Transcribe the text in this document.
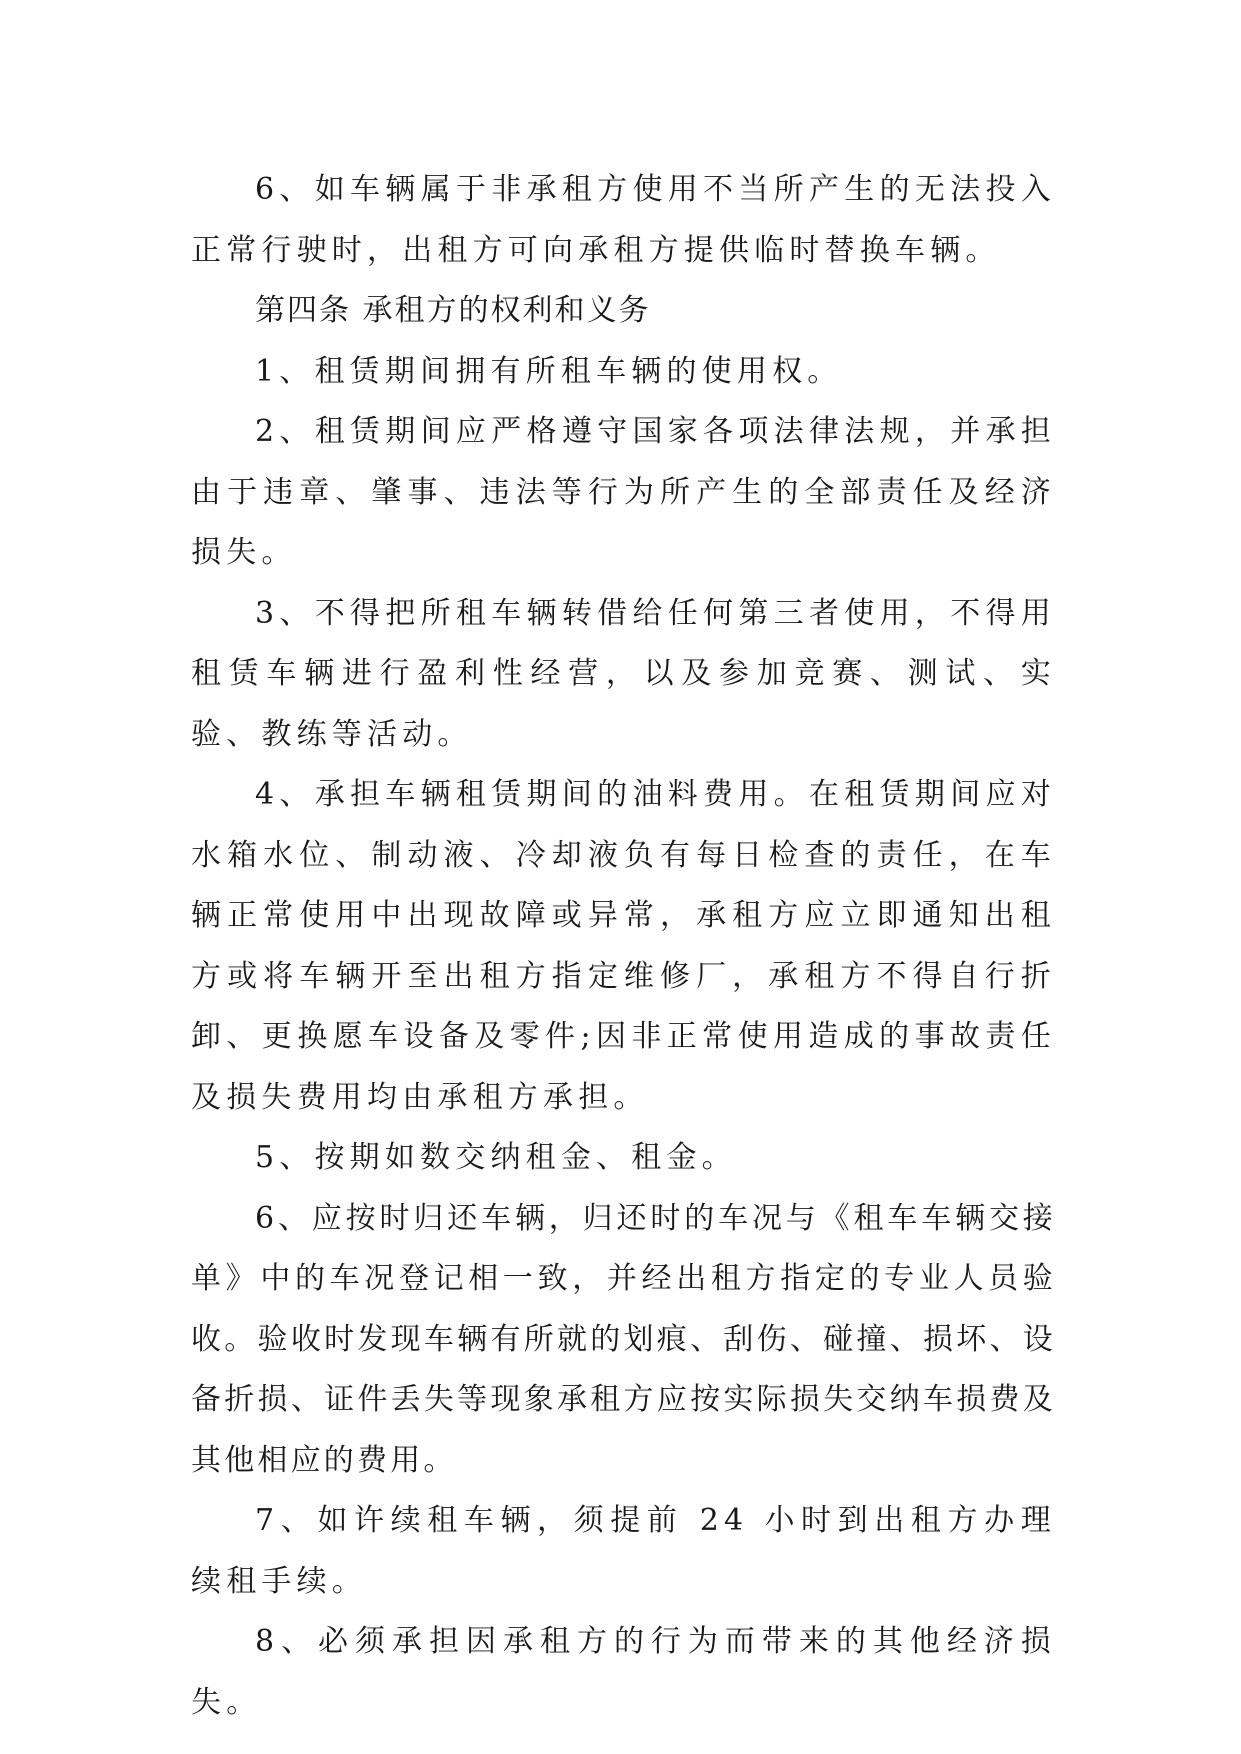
6、如车辆属于非承租方使用不当所产生的无法投入正常行驶时，出租方可向承租方提供临时替换车辆。

第四条 承租方的权利和义务

1、租赁期间拥有所租车辆的使用权。

2、租赁期间应严格遵守国家各项法律法规，并承担由于违章、肇事、违法等行为所产生的全部责任及经济损失。

3、不得把所租车辆转借给任何第三者使用，不得用租赁车辆进行盈利性经营，以及参加竞赛、测试、实验、教练等活动。

4、承担车辆租赁期间的油料费用。在租赁期间应对水箱水位、制动液、冷却液负有每日检查的责任，在车辆正常使用中出现故障或异常，承租方应立即通知出租方或将车辆开至出租方指定维修厂，承租方不得自行折卸、更换愿车设备及零件;因非正常使用造成的事故责任及损失费用均由承租方承担。

5、按期如数交纳租金、租金。

6、应按时归还车辆，归还时的车况与《租车车辆交接单》中的车况登记相一致，并经出租方指定的专业人员验收。验收时发现车辆有所就的划痕、刮伤、碰撞、损坏、设备折损、证件丢失等现象承租方应按实际损失交纳车损费及其他相应的费用。

7、如许续租车辆，须提前 24 小时到出租方办理续租手续。

8、必须承担因承租方的行为而带来的其他经济损失。
